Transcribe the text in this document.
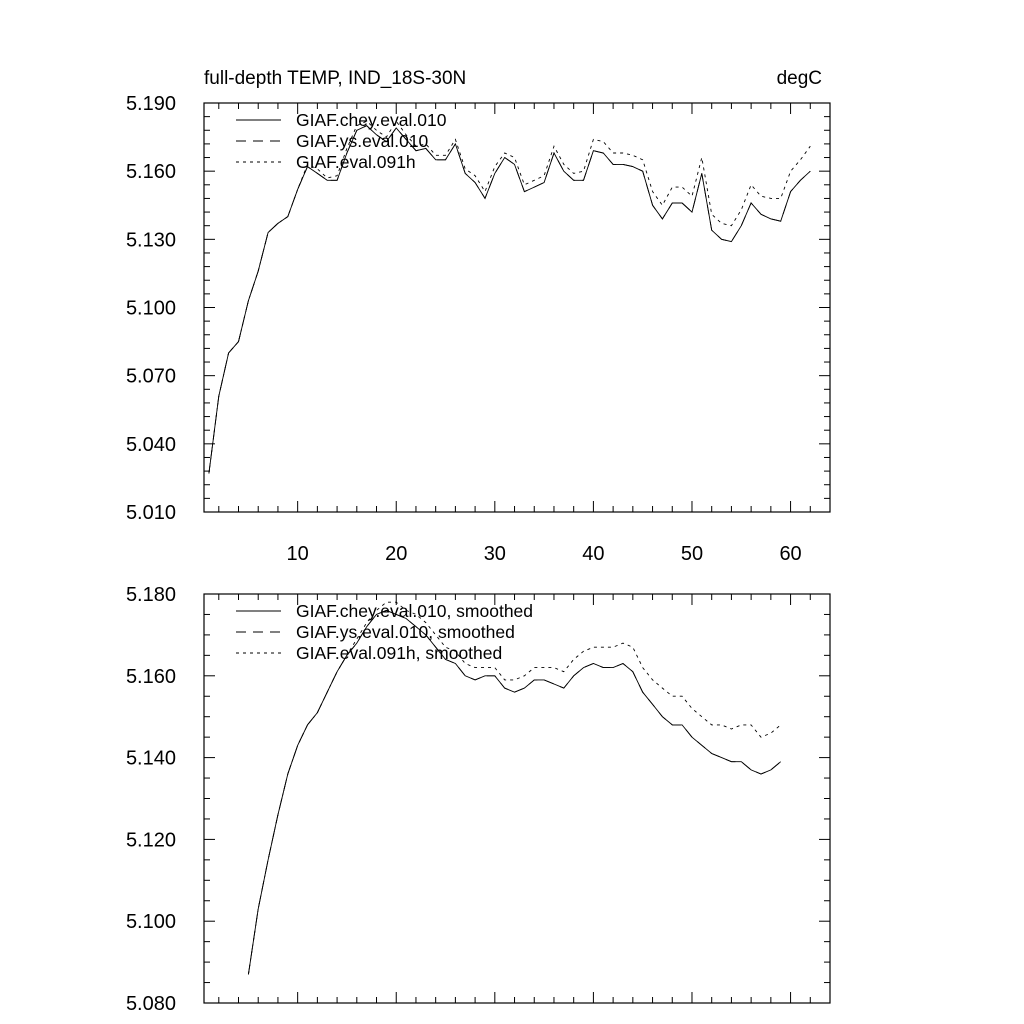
full-depth TEMP, IND_18S-30N	degC
5.010
5.040
5.070
5.100
5.130
5.160
5.190
10	20	30	40	50	60
GIAF.chey.eval.010
GIAF.ys.eval.010
GIAF.eval.091h
5.080
5.100
5.120
5.140
5.160
5.180
GIAF.chey.eval.010, smoothed
GIAF.ys.eval.010, smoothed
GIAF.eval.091h, smoothed
